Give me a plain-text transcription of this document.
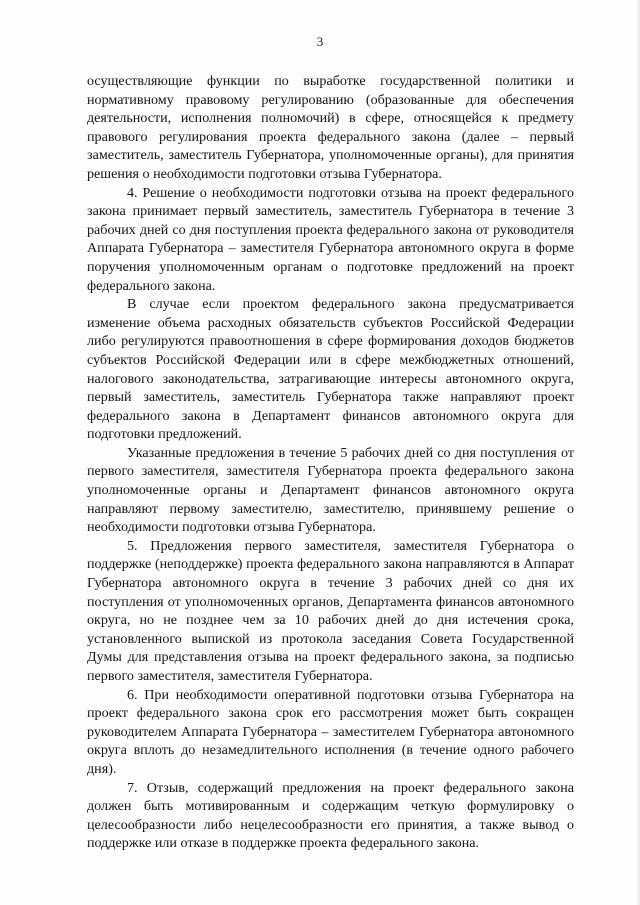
3

осуществляющие функции по выработке государственной политики и нормативному правовому регулированию (образованные для обеспечения деятельности, исполнения полномочий) в сфере, относящейся к предмету правового регулирования проекта федерального закона (далее – первый заместитель, заместитель Губернатора, уполномоченные органы), для принятия решения о необходимости подготовки отзыва Губернатора.

4. Решение о необходимости подготовки отзыва на проект федерального закона принимает первый заместитель, заместитель Губернатора в течение 3 рабочих дней со дня поступления проекта федерального закона от руководителя Аппарата Губернатора – заместителя Губернатора автономного округа в форме поручения уполномоченным органам о подготовке предложений на проект федерального закона.

В случае если проектом федерального закона предусматривается изменение объема расходных обязательств субъектов Российской Федерации либо регулируются правоотношения в сфере формирования доходов бюджетов субъектов Российской Федерации или в сфере межбюджетных отношений, налогового законодательства, затрагивающие интересы автономного округа, первый заместитель, заместитель Губернатора также направляют проект федерального закона в Департамент финансов автономного округа для подготовки предложений.

Указанные предложения в течение 5 рабочих дней со дня поступления от первого заместителя, заместителя Губернатора проекта федерального закона уполномоченные органы и Департамент финансов автономного округа направляют первому заместителю, заместителю, принявшему решение о необходимости подготовки отзыва Губернатора.

5. Предложения первого заместителя, заместителя Губернатора о поддержке (неподдержке) проекта федерального закона направляются в Аппарат Губернатора автономного округа в течение 3 рабочих дней со дня их поступления от уполномоченных органов, Департамента финансов автономного округа, но не позднее чем за 10 рабочих дней до дня истечения срока, установленного выпиской из протокола заседания Совета Государственной Думы для представления отзыва на проект федерального закона, за подписью первого заместителя, заместителя Губернатора.

6. При необходимости оперативной подготовки отзыва Губернатора на проект федерального закона срок его рассмотрения может быть сокращен руководителем Аппарата Губернатора – заместителем Губернатора автономного округа вплоть до незамедлительного исполнения (в течение одного рабочего дня).

7. Отзыв, содержащий предложения на проект федерального закона должен быть мотивированным и содержащим четкую формулировку о целесообразности либо нецелесообразности его принятия, а также вывод о поддержке или отказе в поддержке проекта федерального закона.
